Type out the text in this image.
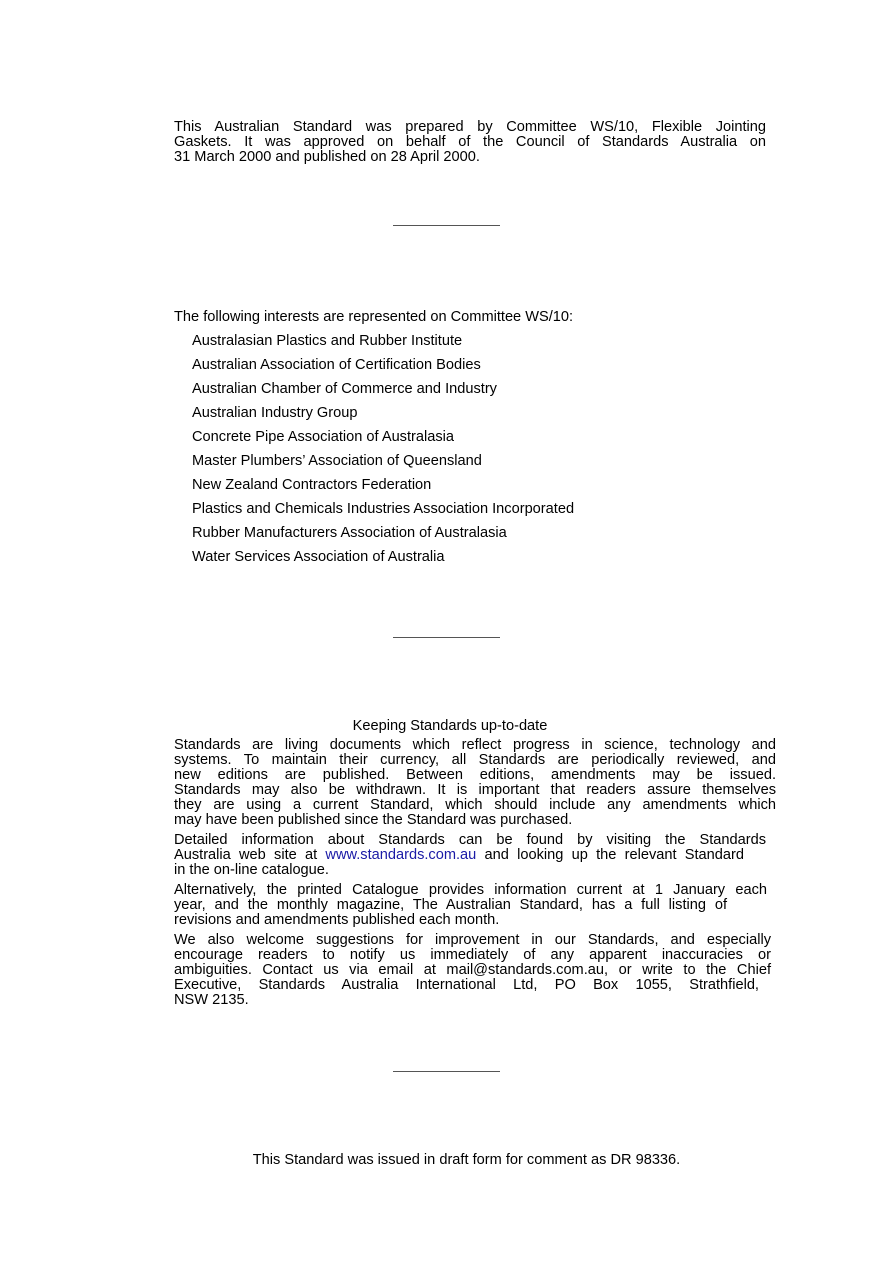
This Australian Standard was prepared by Committee WS/10, Flexible Jointing
Gaskets. It was approved on behalf of the Council of Standards Australia on
31 March 2000 and published on 28 April 2000.
The following interests are represented on Committee WS/10:
Australasian Plastics and Rubber Institute
Australian Association of Certification Bodies
Australian Chamber of Commerce and Industry
Australian Industry Group
Concrete Pipe Association of Australasia
Master Plumbers’ Association of Queensland
New Zealand Contractors Federation
Plastics and Chemicals Industries Association Incorporated
Rubber Manufacturers Association of Australasia
Water Services Association of Australia
Keeping Standards up-to-date
Standards are living documents which reflect progress in science, technology and
systems. To maintain their currency, all Standards are periodically reviewed, and
new editions are published. Between editions, amendments may be issued.
Standards may also be withdrawn. It is important that readers assure themselves
they are using a current Standard, which should include any amendments which
may have been published since the Standard was purchased.
Detailed information about Standards can be found by visiting the Standards
Australia web site at www.standards.com.au and looking up the relevant Standard
in the on-line catalogue.
Alternatively, the printed Catalogue provides information current at 1 January each
year, and the monthly magazine, The Australian Standard, has a full listing of
revisions and amendments published each month.
We also welcome suggestions for improvement in our Standards, and especially
encourage readers to notify us immediately of any apparent inaccuracies or
ambiguities. Contact us via email at mail@standards.com.au, or write to the Chief
Executive, Standards Australia International Ltd, PO Box 1055, Strathfield,
NSW 2135.
This Standard was issued in draft form for comment as DR 98336.
